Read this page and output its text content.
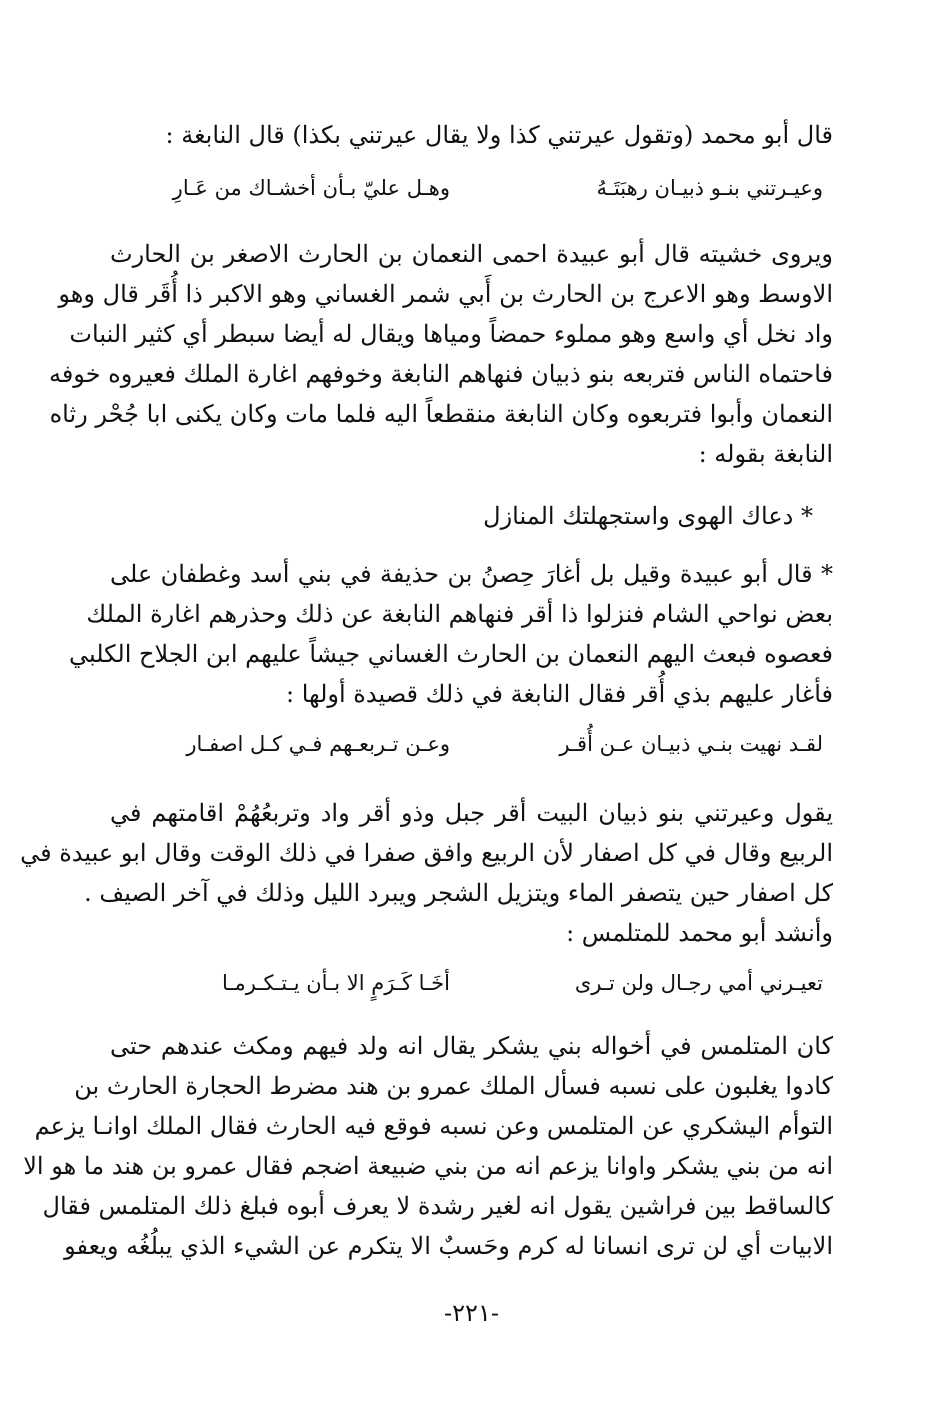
قال أبو محمد (وتقول عيرتني كذا ولا يقال عيرتني بكذا) قال النابغة :
وعيـرتني بنـو ذبيـان رهبَتَـهُ
وهـل عليّ بـأن أخشـاك من عَـارِ
ويروى خشيته قال أبو عبيدة احمى النعمان بن الحارث الاصغر بن الحارث
الاوسط وهو الاعرج بن الحارث بن أَبي شمر الغساني وهو الاكبر ذا أُقَر قال وهو
واد نخل أي واسع وهو مملوء حمضاً ومياها ويقال له أيضا سبطر أي كثير النبات
فاحتماه الناس فتربعه بنو ذبيان فنهاهم النابغة وخوفهم اغارة الملك فعيروه خوفه
النعمان وأبوا فتربعوه وكان النابغة منقطعاً اليه فلما مات وكان يكنى ابا جُحْر رثاه
النابغة بقوله :
* دعاك الهوى واستجهلتك المنازل
* قال أبو عبيدة وقيل بل أغارَ حِصنُ بن حذيفة في بني أسد وغطفان على
بعض نواحي الشام فنزلوا ذا أقر فنهاهم النابغة عن ذلك وحذرهم اغارة الملك
فعصوه فبعث اليهم النعمان بن الحارث الغساني جيشاً عليهم ابن الجلاح الكلبي
فأغار عليهم بذي أُقر فقال النابغة في ذلك قصيدة أولها :
لقـد نهيت بنـي ذبيـان عـن أُقـر
وعـن تـربعـهم فـي كـل اصفـار
يقول وعيرتني بنو ذبيان البيت أقر جبل وذو أقر واد وتربعُهُمْ اقامتهم في
الربيع وقال في كل اصفار لأن الربيع وافق صفرا في ذلك الوقت وقال ابو عبيدة في
كل اصفار حين يتصفر الماء ويتزيل الشجر ويبرد الليل وذلك في آخر الصيف .
وأنشد أبو محمد للمتلمس :
تعيـرني أمي رجـال ولن تـرى
أخَـا كَـرَمٍ الا بـأن يـتـكـرمـا
كان المتلمس في أخواله بني يشكر يقال انه ولد فيهم ومكث عندهم حتى
كادوا يغلبون على نسبه فسأل الملك عمرو بن هند مضرط الحجارة الحارث بن
التوأم اليشكري عن المتلمس وعن نسبه فوقع فيه الحارث فقال الملك اوانـا يزعم
انه من بني يشكر واوانا يزعم انه من بني ضبيعة اضجم فقال عمرو بن هند ما هو الا
كالساقط بين فراشين يقول انه لغير رشدة لا يعرف أبوه فبلغ ذلك المتلمس فقال
الابيات أي لن ترى انسانا له كرم وحَسبٌ الا يتكرم عن الشيء الذي يبلُغُه ويعفو
-٢٢١-
